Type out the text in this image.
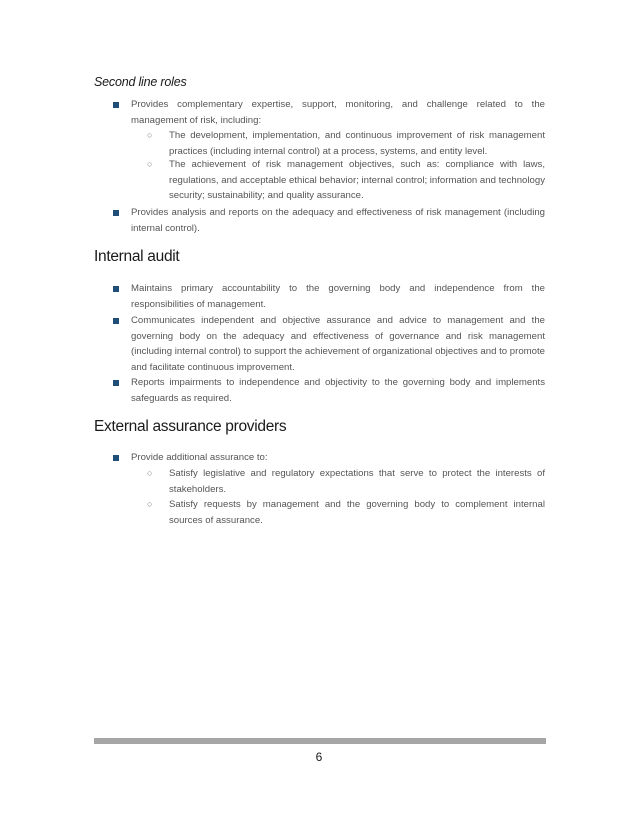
Second line roles
Provides complementary expertise, support, monitoring, and challenge related to the management of risk, including:
○ The development, implementation, and continuous improvement of risk management practices (including internal control) at a process, systems, and entity level.
○ The achievement of risk management objectives, such as: compliance with laws, regulations, and acceptable ethical behavior; internal control; information and technology security; sustainability; and quality assurance.
Provides analysis and reports on the adequacy and effectiveness of risk management (including internal control).
Internal audit
Maintains primary accountability to the governing body and independence from the responsibilities of management.
Communicates independent and objective assurance and advice to management and the governing body on the adequacy and effectiveness of governance and risk management (including internal control) to support the achievement of organizational objectives and to promote and facilitate continuous improvement.
Reports impairments to independence and objectivity to the governing body and implements safeguards as required.
External assurance providers
Provide additional assurance to:
○ Satisfy legislative and regulatory expectations that serve to protect the interests of stakeholders.
○ Satisfy requests by management and the governing body to complement internal sources of assurance.
6
